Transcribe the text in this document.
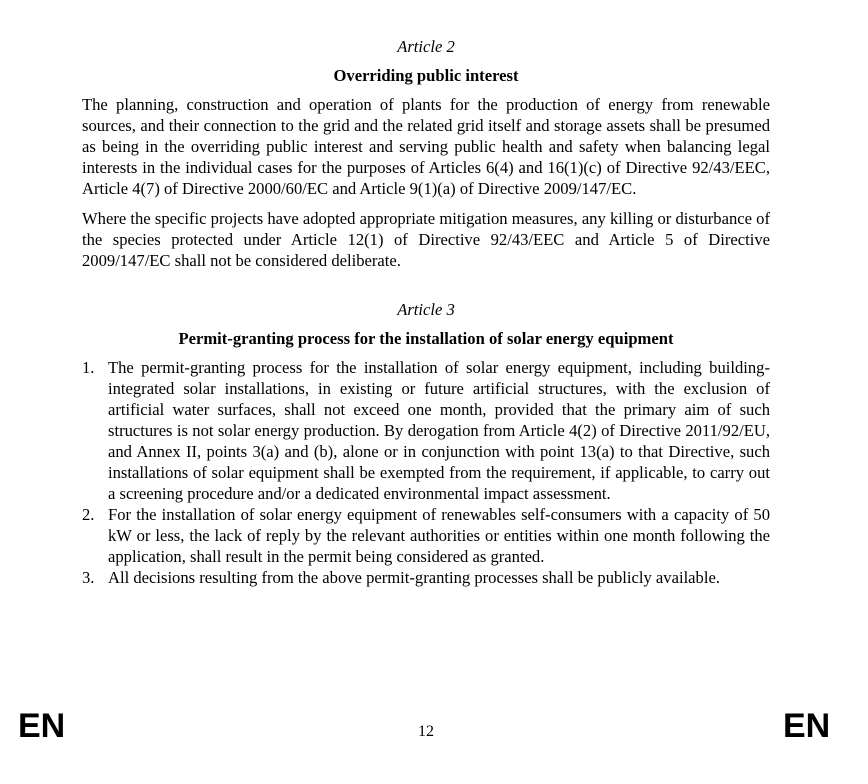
Article 2
Overriding public interest

The planning, construction and operation of plants for the production of energy from renewable sources, and their connection to the grid and the related grid itself and storage assets shall be presumed as being in the overriding public interest and serving public health and safety when balancing legal interests in the individual cases for the purposes of Articles 6(4) and 16(1)(c) of Directive 92/43/EEC, Article 4(7) of Directive 2000/60/EC and Article 9(1)(a) of Directive 2009/147/EC.

Where the specific projects have adopted appropriate mitigation measures, any killing or disturbance of the species protected under Article 12(1) of Directive 92/43/EEC and Article 5 of Directive 2009/147/EC shall not be considered deliberate.

Article 3
Permit-granting process for the installation of solar energy equipment
1. The permit-granting process for the installation of solar energy equipment, including building-integrated solar installations, in existing or future artificial structures, with the exclusion of artificial water surfaces, shall not exceed one month, provided that the primary aim of such structures is not solar energy production. By derogation from Article 4(2) of Directive 2011/92/EU, and Annex II, points 3(a) and (b), alone or in conjunction with point 13(a) to that Directive, such installations of solar equipment shall be exempted from the requirement, if applicable, to carry out a screening procedure and/or a dedicated environmental impact assessment.
2. For the installation of solar energy equipment of renewables self-consumers with a capacity of 50 kW or less, the lack of reply by the relevant authorities or entities within one month following the application, shall result in the permit being considered as granted.
3. All decisions resulting from the above permit-granting processes shall be publicly available.
EN	12	EN
